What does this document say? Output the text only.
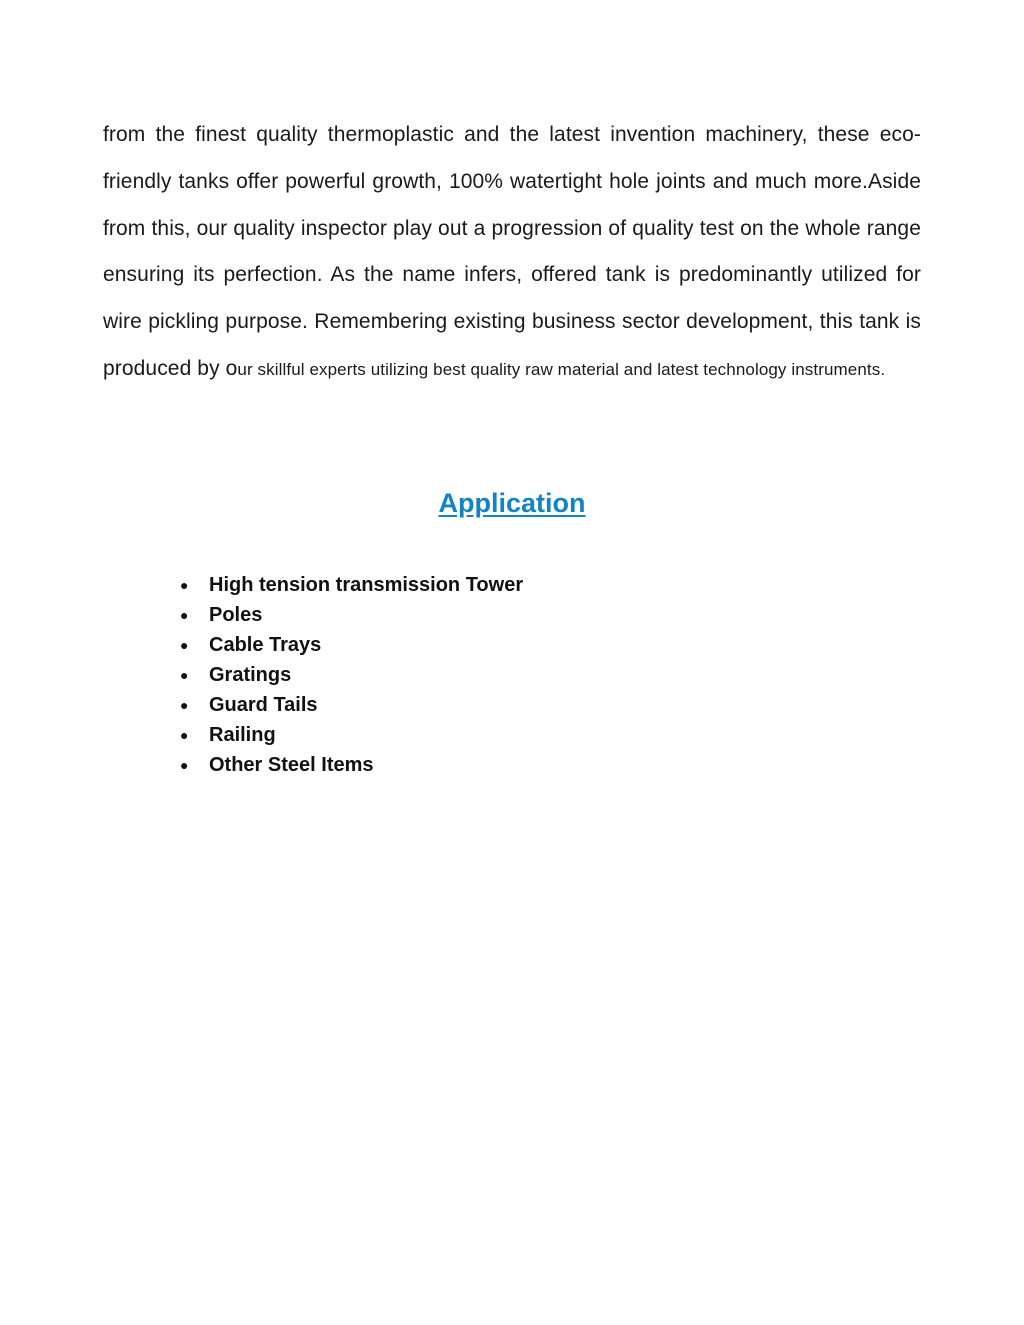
from the finest quality thermoplastic and the latest invention machinery, these eco-friendly tanks offer powerful growth, 100% watertight hole joints and much more.Aside from this, our quality inspector play out a progression of quality test on the whole range ensuring its perfection. As the name infers, offered tank is predominantly utilized for wire pickling purpose. Remembering existing business sector development, this tank is produced by our skillful experts utilizing best quality raw material and latest technology instruments.

Application
● High tension transmission Tower
● Poles
● Cable Trays
● Gratings
● Guard Tails
● Railing
● Other Steel Items
